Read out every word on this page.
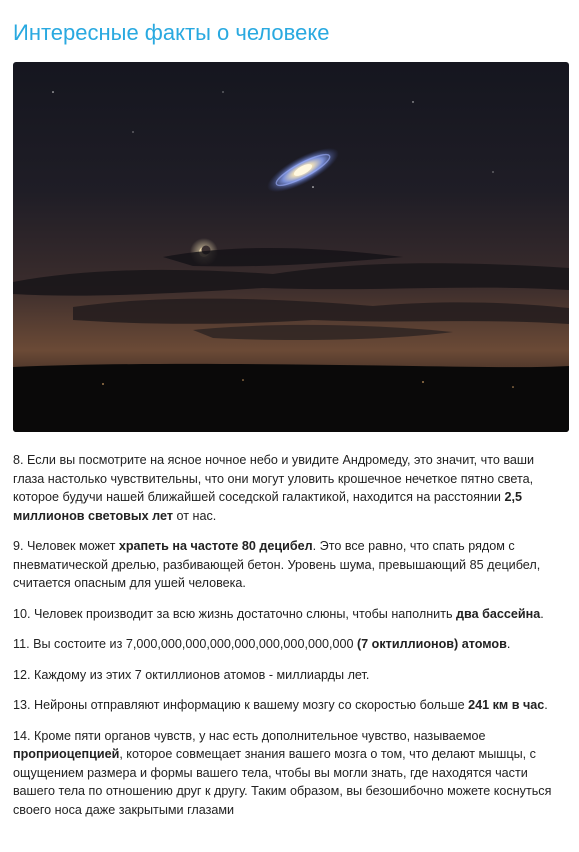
Интересные факты о человеке

8. Если вы посмотрите на ясное ночное небо и увидите Андромеду, это значит, что ваши глаза настолько чувствительны, что они могут уловить крошечное нечеткое пятно света, которое будучи нашей ближайшей соседской галактикой, находится на расстоянии 2,5 миллионов световых лет от нас.

9. Человек может храпеть на частоте 80 децибел. Это все равно, что спать рядом с пневматической дрелью, разбивающей бетон. Уровень шума, превышающий 85 децибел, считается опасным для ушей человека.

10. Человек производит за всю жизнь достаточно слюны, чтобы наполнить два бассейна.

11. Вы состоите из 7,000,000,000,000,000,000,000,000,000 (7 октиллионов) атомов.

12. Каждому из этих 7 октиллионов атомов - миллиарды лет.

13. Нейроны отправляют информацию к вашему мозгу со скоростью больше 241 км в час.

14. Кроме пяти органов чувств, у нас есть дополнительное чувство, называемое проприоцепцией, которое совмещает знания вашего мозга о том, что делают мышцы, с ощущением размера и формы вашего тела, чтобы вы могли знать, где находятся части вашего тела по отношению друг к другу. Таким образом, вы безошибочно можете коснуться своего носа даже закрытыми глазами
